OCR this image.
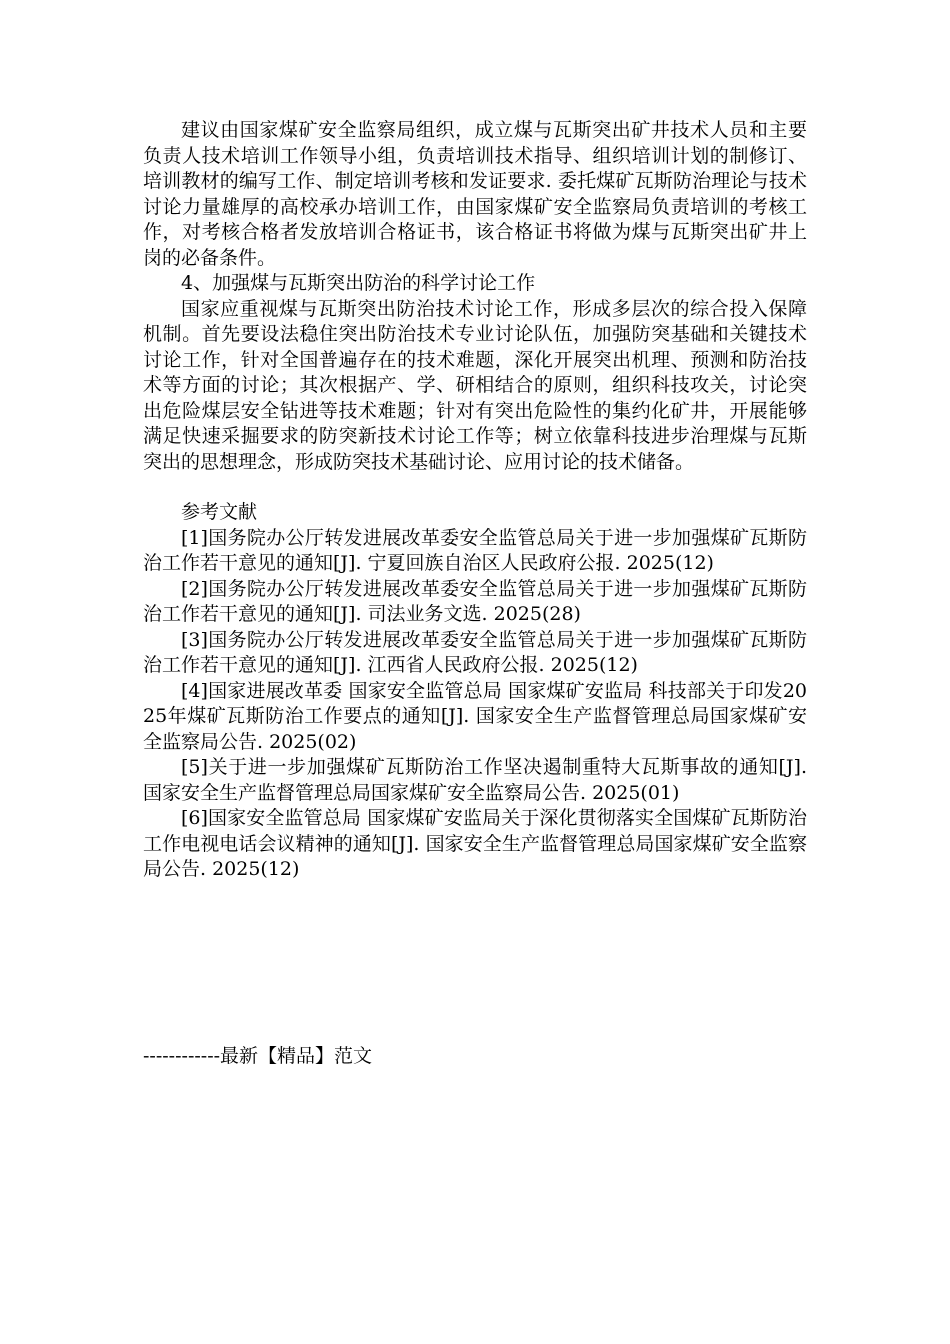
建议由国家煤矿安全监察局组织，成立煤与瓦斯突出矿井技术人员和主要负责人技术培训工作领导小组，负责培训技术指导、组织培训计划的制修订、培训教材的编写工作、制定培训考核和发证要求. 委托煤矿瓦斯防治理论与技术讨论力量雄厚的高校承办培训工作，由国家煤矿安全监察局负责培训的考核工作，对考核合格者发放培训合格证书，该合格证书将做为煤与瓦斯突出矿井上岗的必备条件。

4、加强煤与瓦斯突出防治的科学讨论工作

国家应重视煤与瓦斯突出防治技术讨论工作，形成多层次的综合投入保障机制。首先要设法稳住突出防治技术专业讨论队伍，加强防突基础和关键技术讨论工作，针对全国普遍存在的技术难题，深化开展突出机理、预测和防治技术等方面的讨论；其次根据产、学、研相结合的原则，组织科技攻关，讨论突出危险煤层安全钻进等技术难题；针对有突出危险性的集约化矿井，开展能够满足快速采掘要求的防突新技术讨论工作等；树立依靠科技进步治理煤与瓦斯突出的思想理念，形成防突技术基础讨论、应用讨论的技术储备。

参考文献

[1]国务院办公厅转发进展改革委安全监管总局关于进一步加强煤矿瓦斯防治工作若干意见的通知[J]. 宁夏回族自治区人民政府公报. 2025(12)

[2]国务院办公厅转发进展改革委安全监管总局关于进一步加强煤矿瓦斯防治工作若干意见的通知[J]. 司法业务文选. 2025(28)

[3]国务院办公厅转发进展改革委安全监管总局关于进一步加强煤矿瓦斯防治工作若干意见的通知[J]. 江西省人民政府公报. 2025(12)

[4]国家进展改革委 国家安全监管总局 国家煤矿安监局 科技部关于印发2025年煤矿瓦斯防治工作要点的通知[J]. 国家安全生产监督管理总局国家煤矿安全监察局公告. 2025(02)

[5]关于进一步加强煤矿瓦斯防治工作坚决遏制重特大瓦斯事故的通知[J]. 国家安全生产监督管理总局国家煤矿安全监察局公告. 2025(01)

[6]国家安全监管总局 国家煤矿安监局关于深化贯彻落实全国煤矿瓦斯防治工作电视电话会议精神的通知[J]. 国家安全生产监督管理总局国家煤矿安全监察局公告. 2025(12)

------------最新【精品】范文
